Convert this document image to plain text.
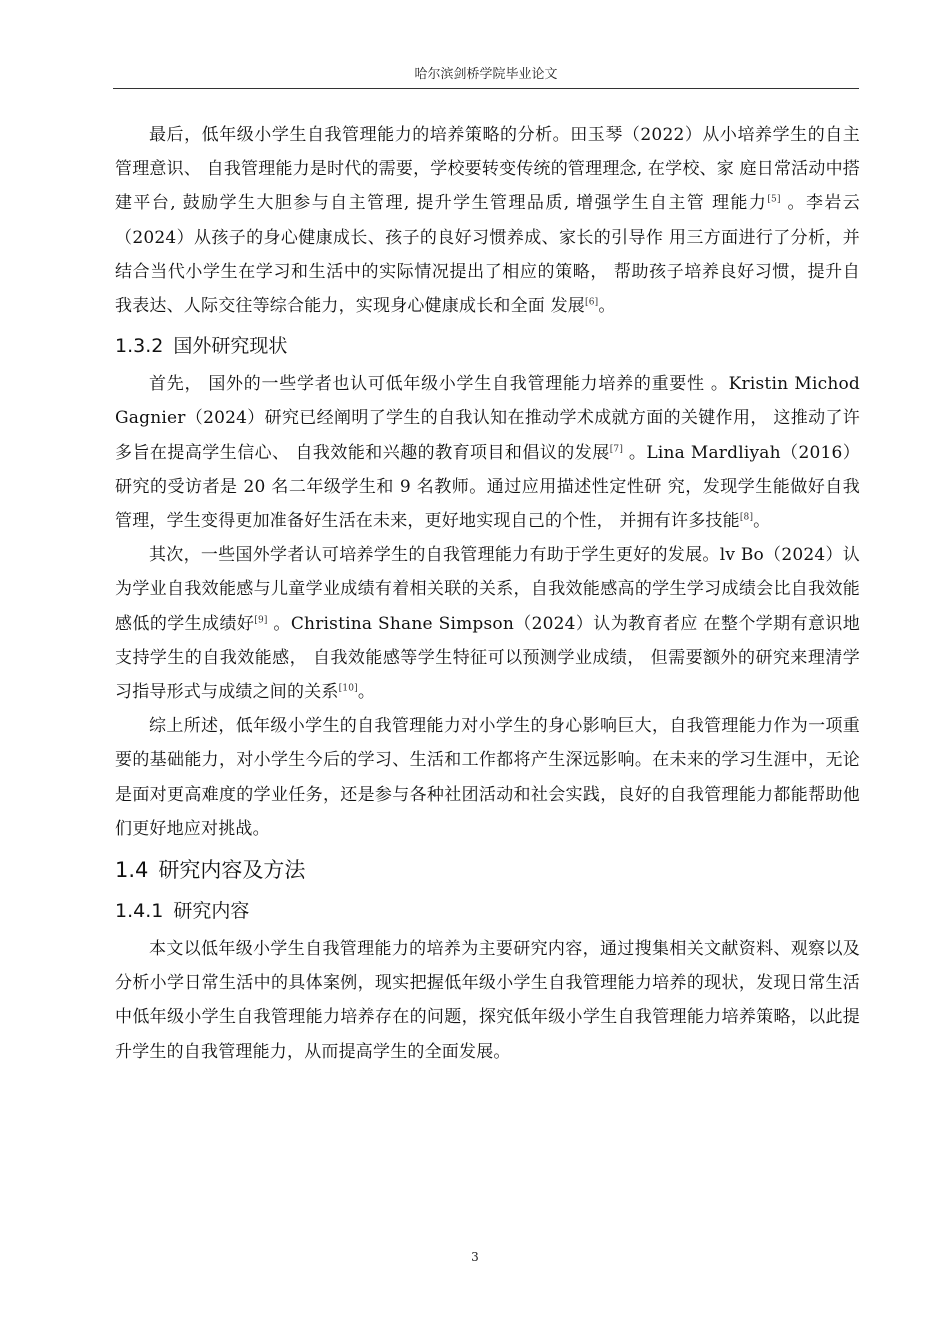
哈尔滨剑桥学院毕业论文

最后，低年级小学生自我管理能力的培养策略的分析。田玉琴（2022）从小培养学生的自主管理意识、 自我管理能力是时代的需要，学校要转变传统的管理理念, 在学校、家 庭日常活动中搭建平台, 鼓励学生大胆参与自主管理, 提升学生管理品质, 增强学生自主管 理能力[5] 。李岩云（2024）从孩子的身心健康成长、孩子的良好习惯养成、家长的引导作 用三方面进行了分析，并结合当代小学生在学习和生活中的实际情况提出了相应的策略， 帮助孩子培养良好习惯，提升自我表达、人际交往等综合能力，实现身心健康成长和全面 发展[6]。

1.3.2 国外研究现状

首先， 国外的一些学者也认可低年级小学生自我管理能力培养的重要性 。Kristin Michod Gagnier（2024）研究已经阐明了学生的自我认知在推动学术成就方面的关键作用， 这推动了许多旨在提高学生信心、 自我效能和兴趣的教育项目和倡议的发展[7] 。Lina Mardliyah（2016）研究的受访者是 20 名二年级学生和 9 名教师。通过应用描述性定性研 究，发现学生能做好自我管理，学生变得更加准备好生活在未来，更好地实现自己的个性， 并拥有许多技能[8]。

其次，一些国外学者认可培养学生的自我管理能力有助于学生更好的发展。lv Bo（2024）认为学业自我效能感与儿童学业成绩有着相关联的关系，自我效能感高的学生学习成绩会比自我效能感低的学生成绩好[9] 。Christina Shane Simpson（2024）认为教育者应 在整个学期有意识地支持学生的自我效能感， 自我效能感等学生特征可以预测学业成绩， 但需要额外的研究来理清学习指导形式与成绩之间的关系[10]。

综上所述，低年级小学生的自我管理能力对小学生的身心影响巨大，自我管理能力作为一项重要的基础能力，对小学生今后的学习、生活和工作都将产生深远影响。在未来的学习生涯中，无论是面对更高难度的学业任务，还是参与各种社团活动和社会实践，良好的自我管理能力都能帮助他们更好地应对挑战。

1.4 研究内容及方法
1.4.1 研究内容

本文以低年级小学生自我管理能力的培养为主要研究内容，通过搜集相关文献资料、观察以及分析小学日常生活中的具体案例，现实把握低年级小学生自我管理能力培养的现状，发现日常生活中低年级小学生自我管理能力培养存在的问题，探究低年级小学生自我管理能力培养策略，以此提升学生的自我管理能力，从而提高学生的全面发展。

3
